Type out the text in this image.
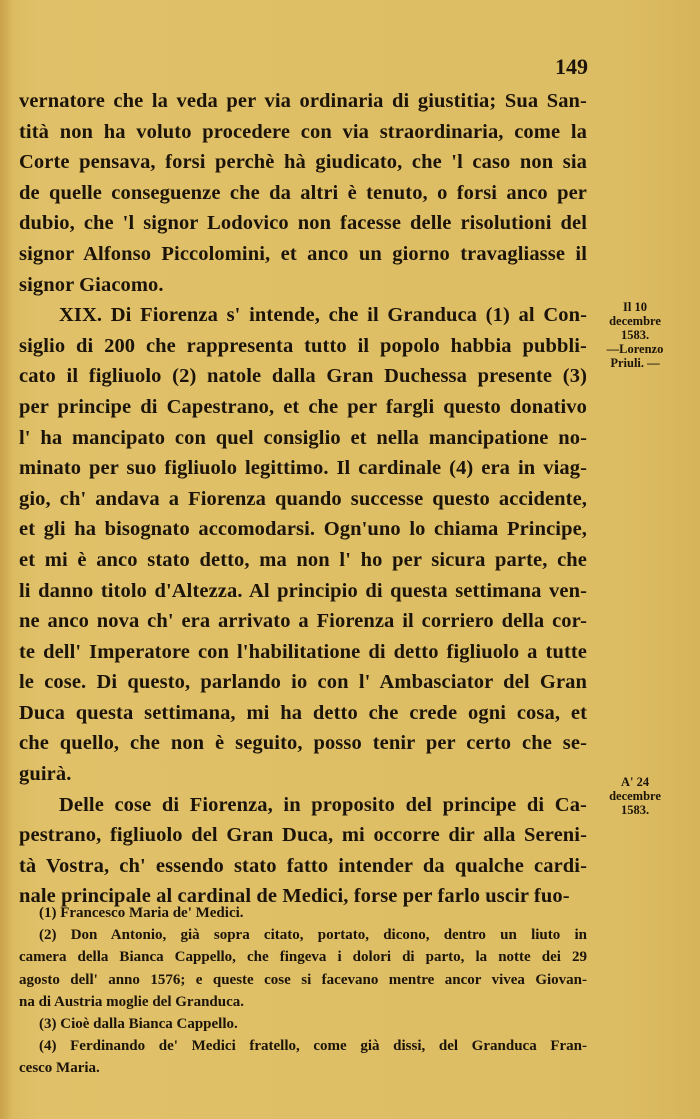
149

vernatore che la veda per via ordinaria di giustitia; Sua San-
tità non ha voluto procedere con via straordinaria, come la
Corte pensava, forsi perchè hà giudicato, che 'l caso non sia
de quelle conseguenze che da altri è tenuto, o forsi anco per
dubio, che 'l signor Lodovico non facesse delle risolutioni del
signor Alfonso Piccolomini, et anco un giorno travagliasse il
signor Giacomo.

XIX. Di Fiorenza s' intende, che il Granduca (1) al Con-
siglio di 200 che rappresenta tutto il popolo habbia pubbli-
cato il figliuolo (2) natole dalla Gran Duchessa presente (3)
per principe di Capestrano, et che per fargli questo donativo
l' ha mancipato con quel consiglio et nella mancipatione no-
minato per suo figliuolo legittimo. Il cardinale (4) era in viag-
gio, ch' andava a Fiorenza quando successe questo accidente,
et gli ha bisognato accomodarsi. Ogn'uno lo chiama Principe,
et mi è anco stato detto, ma non l' ho per sicura parte, che
li danno titolo d'Altezza. Al principio di questa settimana ven-
ne anco nova ch' era arrivato a Fiorenza il corriero della cor-
te dell' Imperatore con l'habilitatione di detto figliuolo a tutte
le cose. Di questo, parlando io con l' Ambasciator del Gran
Duca questa settimana, mi ha detto che crede ogni cosa, et
che quello, che non è seguito, posso tenir per certo che se-
guirà.

Delle cose di Fiorenza, in proposito del principe di Ca-
pestrano, figliuolo del Gran Duca, mi occorre dir alla Sereni-
tà Vostra, ch' essendo stato fatto intender da qualche cardi-
nale principale al cardinal de Medici, forse per farlo uscir fuo-

Il 10
decembre
1583.
—Lorenzo
Priuli. —
A' 24
decembre
1583.
(1) Francesco Maria de' Medici.
(2) Don Antonio, già sopra citato, portato, dicono, dentro un liuto in
camera della Bianca Cappello, che fingeva i dolori di parto, la notte dei 29
agosto dell' anno 1576; e queste cose si facevano mentre ancor vivea Giovan-
na di Austria moglie del Granduca.
(3) Cioè dalla Bianca Cappello.
(4) Ferdinando de' Medici fratello, come già dissi, del Granduca Fran-
cesco Maria.
